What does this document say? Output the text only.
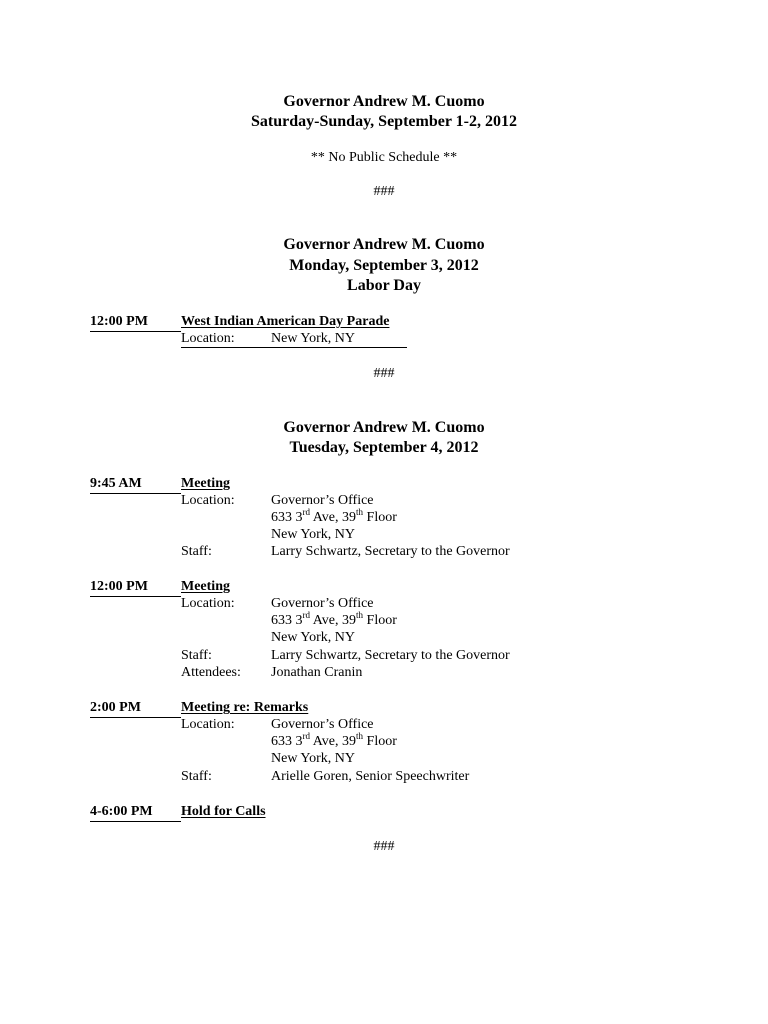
Governor Andrew M. Cuomo
Saturday-Sunday, September 1-2, 2012
** No Public Schedule **
###
Governor Andrew M. Cuomo
Monday, September 3, 2012
Labor Day
12:00 PM West Indian American Day Parade
Location:	New York, NY
###
Governor Andrew M. Cuomo
Tuesday, September 4, 2012
9:45 AM	Meeting
Location:	Governor’s Office
633 3rd Ave, 39th Floor
New York, NY
Staff:	Larry Schwartz, Secretary to the Governor
12:00 PM Meeting
Location:	Governor’s Office
633 3rd Ave, 39th Floor
New York, NY
Staff:	Larry Schwartz, Secretary to the Governor
Attendees: Jonathan Cranin
2:00 PM	Meeting re: Remarks
Location:	Governor’s Office
633 3rd Ave, 39th Floor
New York, NY
Staff:	Arielle Goren, Senior Speechwriter
4-6:00 PM Hold for Calls
###
